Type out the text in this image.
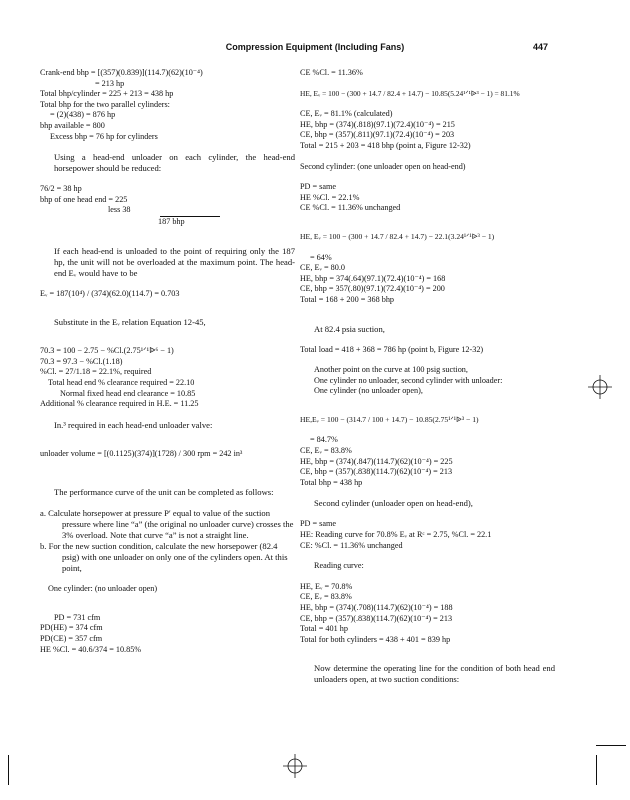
Compression Equipment (Including Fans)	447
Crank-end bhp = [(357)(0.839)](114.7)(62)(10⁻⁴)
= 213 hp
Total bhp/cylinder = 225 + 213 = 438 hp
Total bhp for the two parallel cylinders:
= (2)(438) = 876 hp
bhp available = 800
Excess bhp = 76 hp for cylinders
Using a head-end unloader on each cylinder, the head-end horsepower should be reduced:
76/2 = 38 hp
bhp of one head end = 225
less 38
187 bhp
If each head-end is unloaded to the point of requiring only the 187 hp, the unit will not be overloaded at the maximum point. The head-end Eᵥ would have to be
Eᵥ = 187(10⁴) / (374)(62.0)(114.7) = 0.703
Substitute in the Eᵥ relation Equation 12-45,
70.3 = 100 − 2.75 − %Cl.(2.75¹ᐟ¹ᐉ⁶ − 1)
70.3 = 97.3 − %Cl.(1.18)
%Cl. = 27/1.18 = 22.1%, required
Total head end % clearance required = 22.10
Normal fixed head end clearance = 10.85
Additional % clearance required in H.E. = 11.25
In.³ required in each head-end unloader valve:
unloader volume = [(0.1125)(374)](1728) / 300 rpm = 242 in³
The performance curve of the unit can be completed as follows:
a. Calculate horsepower at pressure P′ equal to value of the suction pressure where line “a” (the original no unloader curve) crosses the 3% overload. Note that curve “a” is not a straight line.
b. For the new suction condition, calculate the new horsepower (82.4 psig) with one unloader on only one of the cylinders open. At this point,
One cylinder: (no unloader open)
PD = 731 cfm
PD(HE) = 374 cfm
PD(CE) = 357 cfm
HE %Cl. = 40.6/374 = 10.85%
CE %Cl. = 11.36%
HE, Eᵥ = 100 − (300 + 14.7 / 82.4 + 14.7) − 10.85(5.24¹ᐟ¹ᐉ³ − 1) = 81.1%
CE, Eᵥ = 81.1% (calculated)
HE, bhp = (374)(.818)(97.1)(72.4)(10⁻⁴) = 215
CE, bhp = (357)(.811)(97.1)(72.4)(10⁻⁴) = 203
Total = 215 + 203 = 418 bhp (point a, Figure 12-32)
Second cylinder: (one unloader open on head-end)
PD = same
HE %Cl. = 22.1%
CE %Cl. = 11.36% unchanged
HE, Eᵥ = 100 − (300 + 14.7 / 82.4 + 14.7) − 22.1(3.24¹ᐟ¹ᐉ³ − 1)
= 64%
CE, Eᵥ = 80.0
HE, bhp = 374(.64)(97.1)(72.4)(10⁻⁴) = 168
CE, bhp = 357(.80)(97.1)(72.4)(10⁻⁴) = 200
Total = 168 + 200 = 368 bhp
At 82.4 psia suction,
Total load = 418 + 368 = 786 hp (point b, Figure 12-32)
Another point on the curve at 100 psig suction,
One cylinder no unloader, second cylinder with unloader:
One cylinder (no unloader open),
HE,Eᵥ = 100 − (314.7 / 100 + 14.7) − 10.85(2.75¹ᐟ¹ᐉ³ − 1)
= 84.7%
CE, Eᵥ = 83.8%
HE, bhp = (374)(.847)(114.7)(62)(10⁻⁴) = 225
CE, bhp = (357)(.838)(114.7)(62)(10⁻⁴) = 213
Total bhp = 438 hp
Second cylinder (unloader open on head-end),
PD = same
HE: Reading curve for 70.8% Eᵥ at Rᶜ = 2.75, %Cl. = 22.1
CE: %Cl. = 11.36% unchanged
Reading curve:
HE, Eᵥ = 70.8%
CE, Eᵥ = 83.8%
HE, bhp = (374)(.708)(114.7)(62)(10⁻⁴) = 188
CE, bhp = (357)(.838)(114.7)(62)(10⁻⁴) = 213
Total = 401 hp
Total for both cylinders = 438 + 401 = 839 hp
Now determine the operating line for the condition of both head end unloaders open, at two suction conditions:
